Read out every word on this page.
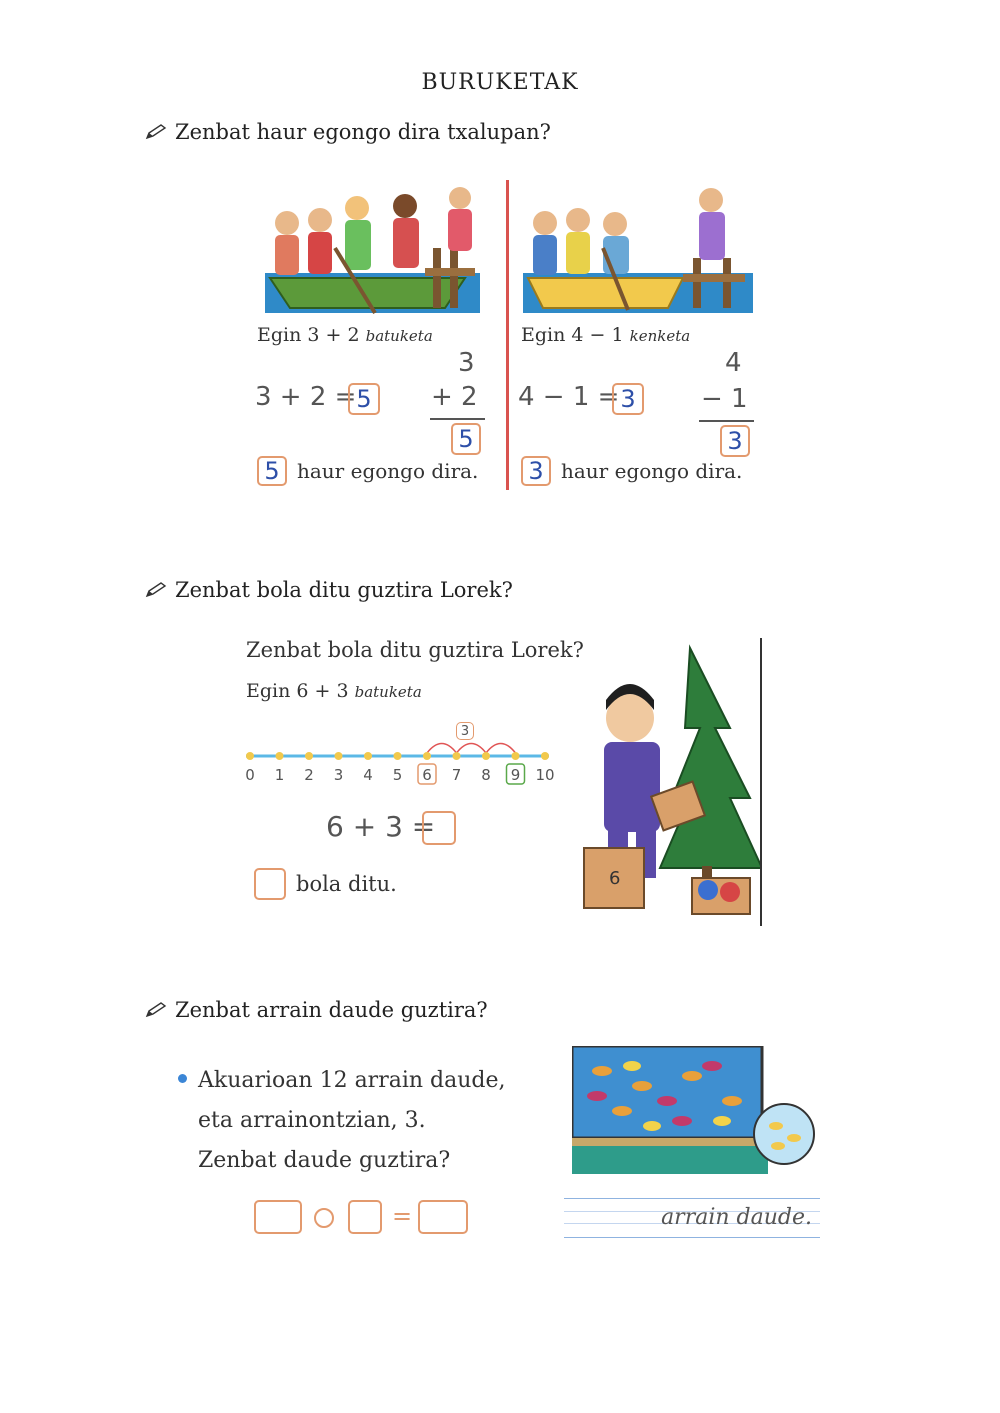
BURUKETAK
Zenbat haur egongo dira txalupan?
Egin 3 + 2 batuketa
3 + 2 = 5
3
+ 2
5
5 haur egongo dira.
Egin 4 − 1 kenketa
4 − 1 = 3
4
− 1
3
3 haur egongo dira.
Zenbat bola ditu guztira Lorek?
Zenbat bola ditu guztira Lorek?
Egin 6 + 3 batuketa
3
0 1 2 3 4 5 6 7 8 9 10
6 + 3 =
bola ditu.	6
Zenbat arrain daude guztira?
Akuarioan 12 arrain daude,
eta arrainontzian, 3.
Zenbat daude guztira?
=	arrain daude.
